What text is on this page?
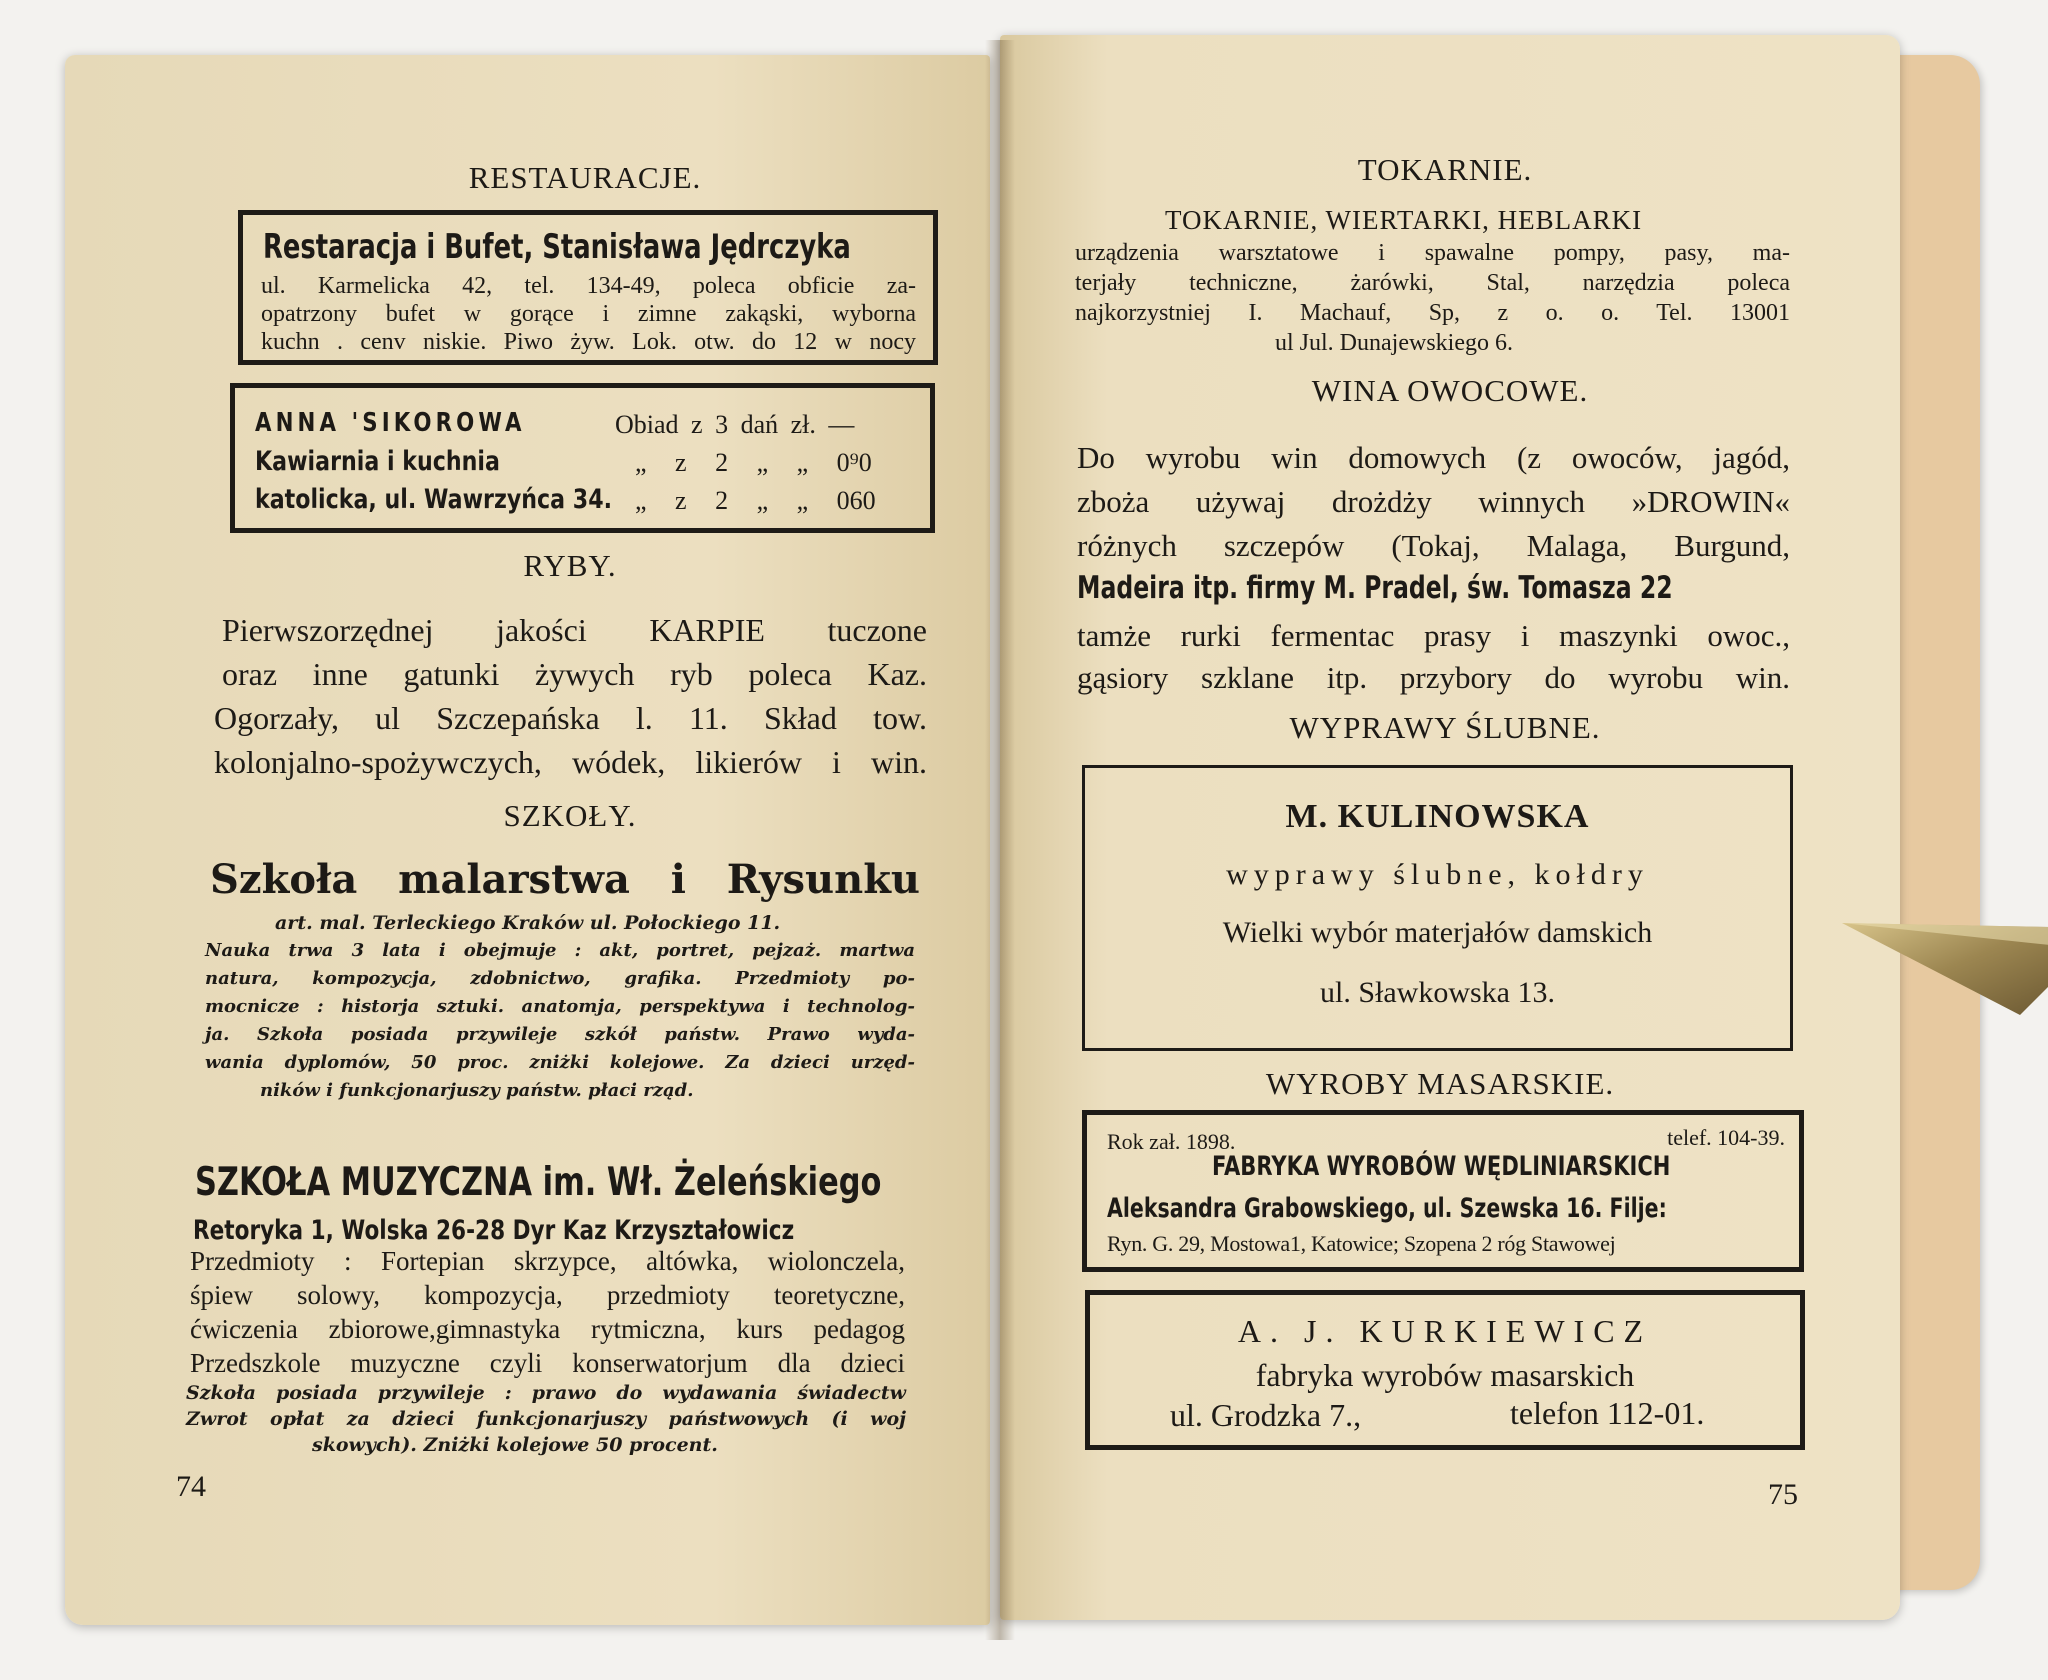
RESTAURACJE.
Restaracja i Bufet, Stanisława Jędrczyka
ul. Karmelicka 42, tel. 134-49, poleca obficie za-
opatrzony bufet w gorące i zimne zakąski, wyborna
kuchn . cenv niskie. Piwo żyw. Lok. otw. do 12 w nocy
ANNA 'SIKOROWA
Kawiarnia i kuchnia
katolicka, ul. Wawrzyńca 34.
Obiad z 3 dań zł. —
„ z 2 „ „ 0⁹0
„ z 2 „ „ 060
RYBY.
Pierwszorzędnej jakości KARPIE tuczone
oraz inne gatunki żywych ryb poleca Kaz.
Ogorzały, ul Szczepańska l. 11. Skład tow.
kolonjalno-spożywczych, wódek, likierów i win.
SZKOŁY.
Szkoła malarstwa i Rysunku
art. mal. Terleckiego Kraków ul. Połockiego 11.
Nauka trwa 3 lata i obejmuje : akt, portret, pejzaż. martwa
natura, kompozycja, zdobnictwo, grafika. Przedmioty po-
mocnicze : historja sztuki. anatomja, perspektywa i technolog-
ja. Szkoła posiada przywileje szkół państw. Prawo wyda-
wania dyplomów, 50 proc. zniżki kolejowe. Za dzieci urzęd-
ników i funkcjonarjuszy państw. płaci rząd.
SZKOŁA MUZYCZNA im. Wł. Żeleńskiego
Retoryka 1, Wolska 26-28 Dyr Kaz Krzyształowicz
Przedmioty : Fortepian skrzypce, altówka, wiolonczela,
śpiew solowy, kompozycja, przedmioty teoretyczne,
ćwiczenia zbiorowe,gimnastyka rytmiczna, kurs pedagog
Przedszkole muzyczne czyli konserwatorjum dla dzieci
Szkoła posiada przywileje : prawo do wydawania świadectw
Zwrot opłat za dzieci funkcjonarjuszy państwowych (i woj
skowych). Zniżki kolejowe 50 procent.
74
TOKARNIE.
TOKARNIE, WIERTARKI, HEBLARKI
urządzenia warsztatowe i spawalne pompy, pasy, ma-
terjały techniczne, żarówki, Stal, narzędzia poleca
najkorzystniej I. Machauf, Sp, z o. o. Tel. 13001
ul Jul. Dunajewskiego 6.
WINA OWOCOWE.
Do wyrobu win domowych (z owoców, jagód,
zboża używaj drożdży winnych »DROWIN«
różnych szczepów (Tokaj, Malaga, Burgund,
Madeira itp. firmy M. Pradel, św. Tomasza 22
tamże rurki fermentac prasy i maszynki owoc.,
gąsiory szklane itp. przybory do wyrobu win.
WYPRAWY ŚLUBNE.
M. KULINOWSKA
wyprawy ślubne, kołdry
Wielki wybór materjałów damskich
ul. Sławkowska 13.
WYROBY MASARSKIE.
Rok zał. 1898.	telef. 104-39.
FABRYKA WYROBÓW WĘDLINIARSKICH
Aleksandra Grabowskiego, ul. Szewska 16. Filje:
Ryn. G. 29, Mostowa1, Katowice; Szopena 2 róg Stawowej
A. J. KURKIEWICZ
fabryka wyrobów masarskich
ul. Grodzka 7.,	telefon 112-01.
75
